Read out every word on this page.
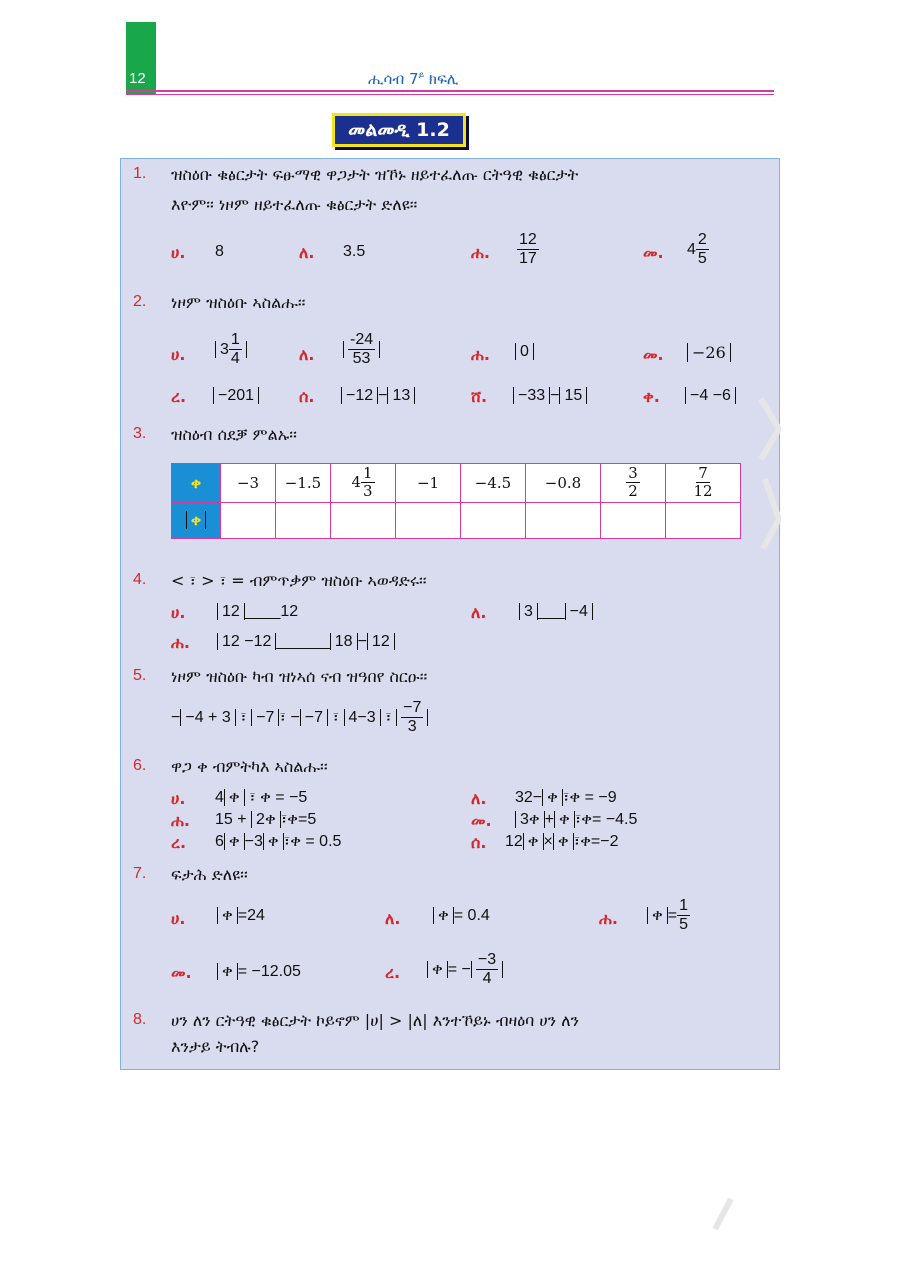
12	ሒሳብ $7^ይ$ ክፍሊ
መልመዲ 1.2
1. ዝስዕቡ ቁፅርታት ፍፁማዊ ዋጋታት ዝኾኑ ዘይተፈለጡ ርትዓዊ ቁፅርታት
እዮም፡፡ ነዞም ዘይተፈለጡ ቁፅርታት ድለዩ፡፡
ሀ. 8	ለ. 3.5	ሐ. $\frac{12}{17}$	መ. $4 \frac{2}{5}$
2. ነዞም ዝስዕቡ ኣስልሑ፡፡
ሀ.	$3 \frac{1}{4}$	ለ. $\frac{-24}{53}$	ሐ.	0	መ.	−26
ረ.	−201	ሰ.	−12 − 13	ሸ.	−33 − 15	ቀ.	−4 −6
3. ዝስዕብ ሰደቓ ምልኡ፡፡
ቀ	−3	−1.5	$4 \frac{1}{3}$	−1	−4.5	−0.8	$\frac{3}{2}$	$\frac{7}{12}$

ቀ								
4. < ፣ > ፣ = ብምጥቃም ዝስዕቡ ኣወዳድሩ፡፡
ሀ.	12 ____12	ለ.	3 ___ −4
ሐ.	12 −12 ______ 18 − 12
5. ነዞም ዝስዕቡ ካብ ዝነኣሰ ናብ ዝዓበየ ስርዑ፡፡
− −4 + 3 ፣ −7 ፣ − −7 ፣ 4−3 ፣ $\frac{-7}{3}$
6. ዋጋ ቀ ብምትካእ ኣስልሑ፡፡
ሀ. 4 ቀ ፣ ቀ = −5	ለ. 32− ቀ ፣ቀ = −9
ሐ. 15 + 2ቀ ፣ቀ=5	መ.	3ቀ + ቀ ፣ቀ= −4.5
ረ. 6 ቀ −3 ቀ ፣ቀ = 0.5	ሰ. 12 ቀ × ቀ ፣ቀ=−2
7. ፍታሕ ድለዩ፡፡
ሀ.	ቀ =24	ለ.	ቀ = 0.4	ሐ.	ቀ = $\frac{1}{5}$
መ.	ቀ = −12.05	ረ.	ቀ = − $\frac{-3}{4}$
8. ሀን ለን ርትዓዊ ቁፅርታት ኮይኖም |ሀ| > |ለ| እንተኾይኑ ብዛዕባ ሀን ለን
እንታይ ትብሉ?
